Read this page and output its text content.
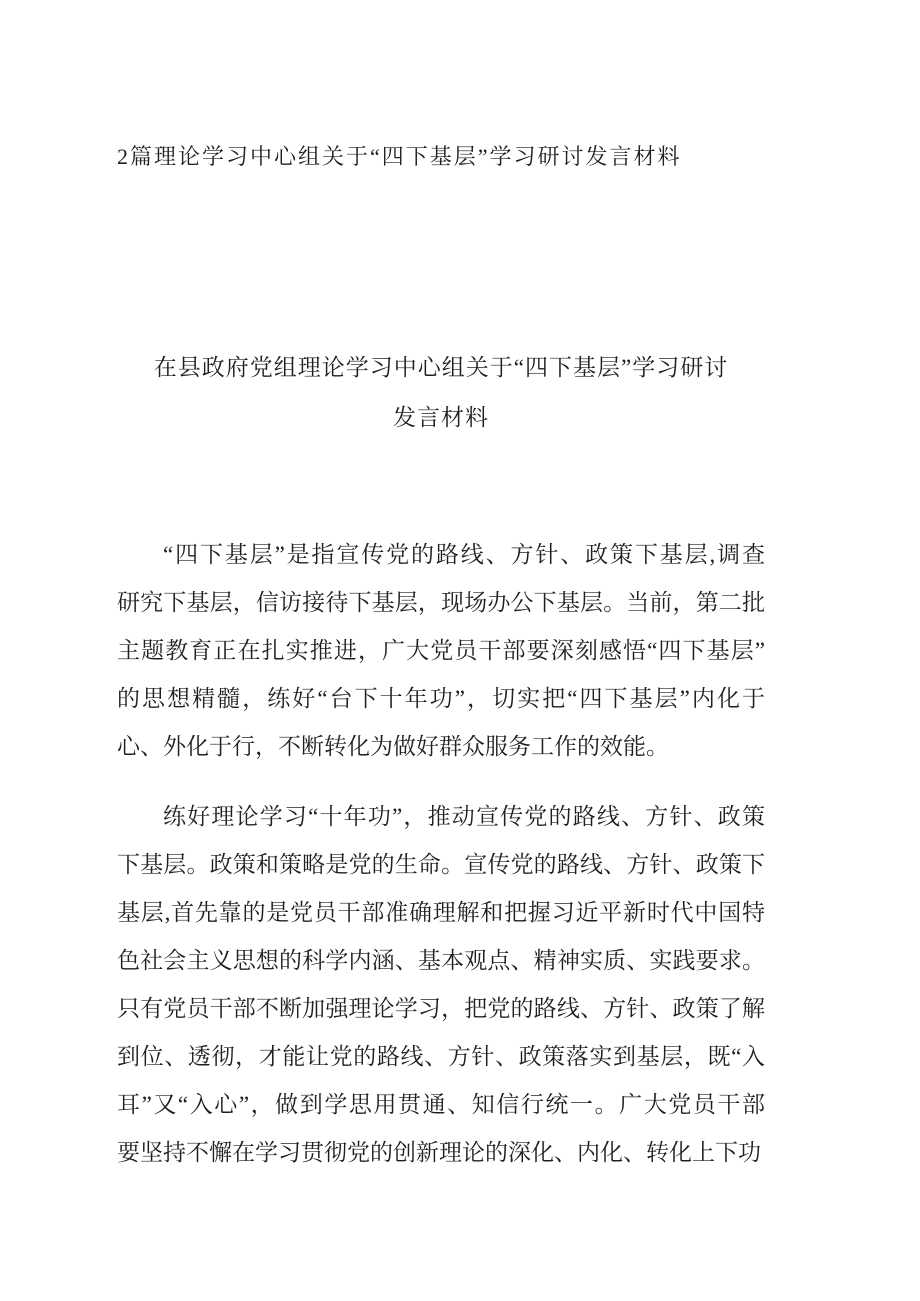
2篇理论学习中心组关于“四下基层”学习研讨发言材料
在县政府党组理论学习中心组关于“四下基层”学习研讨
发言材料
“四下基层”是指宣传党的路线、方针、政策下基层,调查
研究下基层，信访接待下基层，现场办公下基层。当前，第二批
主题教育正在扎实推进，广大党员干部要深刻感悟“四下基层”
的思想精髓，练好“台下十年功”，切实把“四下基层”内化于
心、外化于行，不断转化为做好群众服务工作的效能。
练好理论学习“十年功”，推动宣传党的路线、方针、政策
下基层。政策和策略是党的生命。宣传党的路线、方针、政策下
基层,首先靠的是党员干部准确理解和把握习近平新时代中国特
色社会主义思想的科学内涵、基本观点、精神实质、实践要求。
只有党员干部不断加强理论学习，把党的路线、方针、政策了解
到位、透彻，才能让党的路线、方针、政策落实到基层，既“入
耳”又“入心”，做到学思用贯通、知信行统一。广大党员干部
要坚持不懈在学习贯彻党的创新理论的深化、内化、转化上下功
